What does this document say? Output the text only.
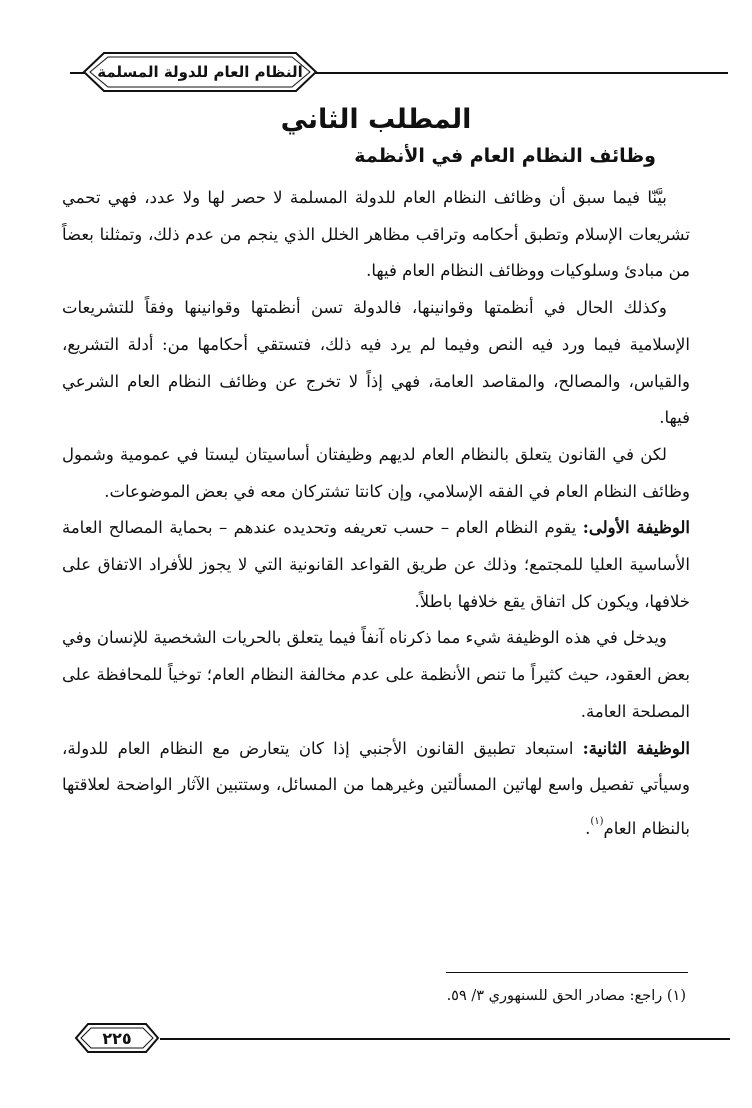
النظام العام للدولة المسلمة
المطلب الثاني
وظائف النظام العام في الأنظمة

بيَّنّا فيما سبق أن وظائف النظام العام للدولة المسلمة لا حصر لها ولا عدد، فهي تحمي تشريعات الإسلام وتطبق أحكامه وتراقب مظاهر الخلل الذي ينجم من عدم ذلك، وتمثلنا بعضاً من مبادئ وسلوكيات ووظائف النظام العام فيها.

وكذلك الحال في أنظمتها وقوانينها، فالدولة تسن أنظمتها وقوانينها وفقاً للتشريعات الإسلامية فيما ورد فيه النص وفيما لم يرد فيه ذلك، فتستقي أحكامها من: أدلة التشريع، والقياس، والمصالح، والمقاصد العامة، فهي إذاً لا تخرج عن وظائف النظام العام الشرعي فيها.

لكن في القانون يتعلق بالنظام العام لديهم وظيفتان أساسيتان ليستا في عمومية وشمول وظائف النظام العام في الفقه الإسلامي، وإن كانتا تشتركان معه في بعض الموضوعات.

الوظيفة الأولى: يقوم النظام العام – حسب تعريفه وتحديده عندهم – بحماية المصالح العامة الأساسية العليا للمجتمع؛ وذلك عن طريق القواعد القانونية التي لا يجوز للأفراد الاتفاق على خلافها، ويكون كل اتفاق يقع خلافها باطلاً.

ويدخل في هذه الوظيفة شيء مما ذكرناه آنفاً فيما يتعلق بالحريات الشخصية للإنسان وفي بعض العقود، حيث كثيراً ما تنص الأنظمة على عدم مخالفة النظام العام؛ توخياً للمحافظة على المصلحة العامة.

الوظيفة الثانية: استبعاد تطبيق القانون الأجنبي إذا كان يتعارض مع النظام العام للدولة، وسيأتي تفصيل واسع لهاتين المسألتين وغيرهما من المسائل، وستتبين الآثار الواضحة لعلاقتها بالنظام العام$^{(١)}$.

(١) راجع: مصادر الحق للسنهوري ٣/ ٥٩.
٢٢٥
